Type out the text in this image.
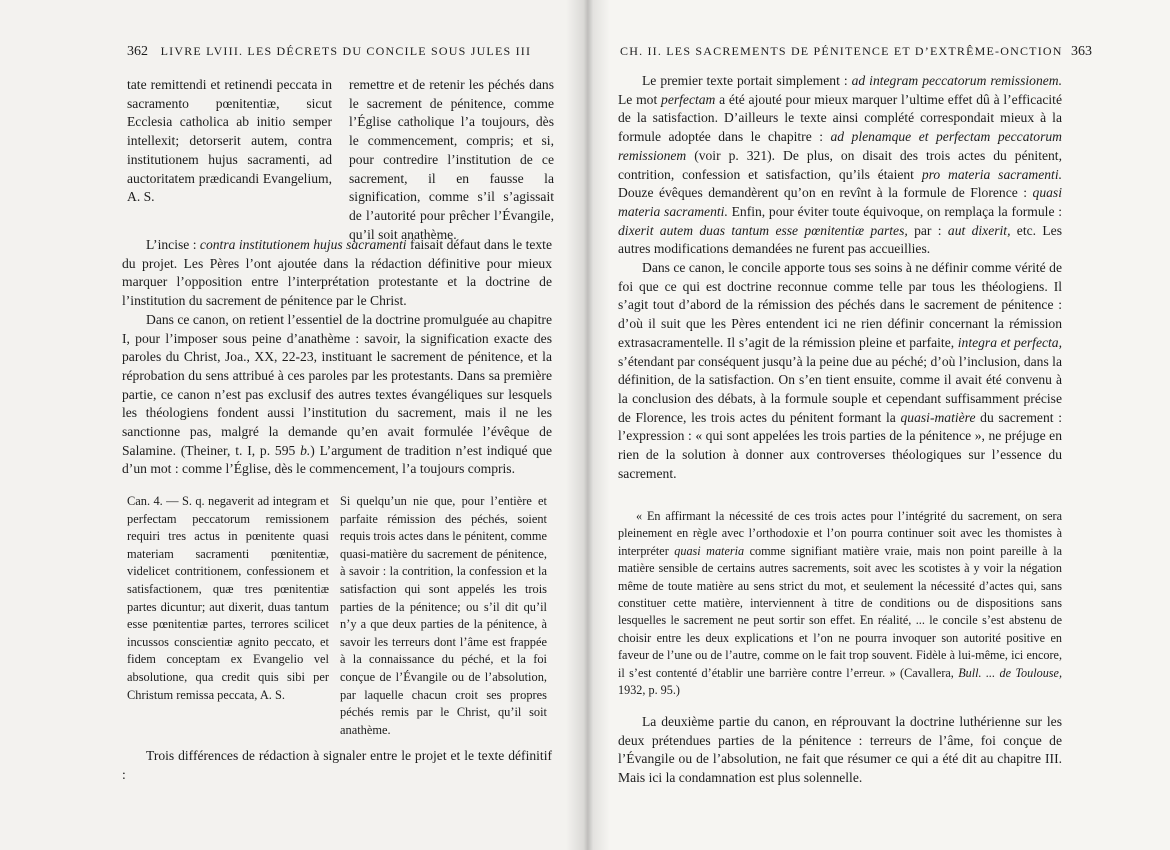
362 LIVRE LVIII. LES DÉCRETS DU CONCILE SOUS JULES III
tate remittendi et retinendi peccata in sacramento pœnitentiæ, sicut Ecclesia catholica ab initio semper intellexit; detorserit autem, contra institutionem hujus sacramenti, ad auctoritatem prædicandi Evangelium, A. S.
remettre et de retenir les péchés dans le sacrement de pénitence, comme l’Église catholique l’a toujours, dès le commencement, compris; et si, pour contredire l’institution de ce sacrement, il en fausse la signification, comme s’il s’agissait de l’autorité pour prêcher l’Évangile, qu’il soit anathème.

L’incise : contra institutionem hujus sacramenti faisait défaut dans le texte du projet. Les Pères l’ont ajoutée dans la rédaction définitive pour mieux marquer l’opposition entre l’interprétation protestante et la doctrine de l’institution du sacrement de pénitence par le Christ.

Dans ce canon, on retient l’essentiel de la doctrine promulguée au chapitre I, pour l’imposer sous peine d’anathème : savoir, la signification exacte des paroles du Christ, Joa., XX, 22-23, instituant le sacrement de pénitence, et la réprobation du sens attribué à ces paroles par les protestants. Dans sa première partie, ce canon n’est pas exclusif des autres textes évangéliques sur lesquels les théologiens fondent aussi l’institution du sacrement, mais il ne les sanctionne pas, malgré la demande qu’en avait formulée l’évêque de Salamine. (Theiner, t. I, p. 595 b.) L’argument de tradition n’est indiqué que d’un mot : comme l’Église, dès le commencement, l’a toujours compris.

Can. 4. — S. q. negaverit ad integram et perfectam peccatorum remissionem requiri tres actus in pœnitente quasi materiam sacramenti pœnitentiæ, videlicet contritionem, confessionem et satisfactionem, quæ tres pœnitentiæ partes dicuntur; aut dixerit, duas tantum esse pœnitentiæ partes, terrores scilicet incussos conscientiæ agnito peccato, et fidem conceptam ex Evangelio vel absolutione, qua credit quis sibi per Christum remissa peccata, A. S.
Si quelqu’un nie que, pour l’entière et parfaite rémission des péchés, soient requis trois actes dans le pénitent, comme quasi-matière du sacrement de pénitence, à savoir : la contrition, la confession et la satisfaction qui sont appelés les trois parties de la pénitence; ou s’il dit qu’il n’y a que deux parties de la pénitence, à savoir les terreurs dont l’âme est frappée à la connaissance du péché, et la foi conçue de l’Évangile ou de l’absolution, par laquelle chacun croit ses propres péchés remis par le Christ, qu’il soit anathème.

Trois différences de rédaction à signaler entre le projet et le texte définitif :

CH. II. LES SACREMENTS DE PÉNITENCE ET D’EXTRÊME-ONCTION 363

Le premier texte portait simplement : ad integram peccatorum remissionem. Le mot perfectam a été ajouté pour mieux marquer l’ultime effet dû à l’efficacité de la satisfaction. D’ailleurs le texte ainsi complété correspondait mieux à la formule adoptée dans le chapitre : ad plenamque et perfectam peccatorum remissionem (voir p. 321). De plus, on disait des trois actes du pénitent, contrition, confession et satisfaction, qu’ils étaient pro materia sacramenti. Douze évêques demandèrent qu’on en revînt à la formule de Florence : quasi materia sacramenti. Enfin, pour éviter toute équivoque, on remplaça la formule : dixerit autem duas tantum esse pœnitentiæ partes, par : aut dixerit, etc. Les autres modifications demandées ne furent pas accueillies.

Dans ce canon, le concile apporte tous ses soins à ne définir comme vérité de foi que ce qui est doctrine reconnue comme telle par tous les théologiens. Il s’agit tout d’abord de la rémission des péchés dans le sacrement de pénitence : d’où il suit que les Pères entendent ici ne rien définir concernant la rémission extrasacramentelle. Il s’agit de la rémission pleine et parfaite, integra et perfecta, s’étendant par conséquent jusqu’à la peine due au péché; d’où l’inclusion, dans la définition, de la satisfaction. On s’en tient ensuite, comme il avait été convenu à la conclusion des débats, à la formule souple et cependant suffisamment précise de Florence, les trois actes du pénitent formant la quasi-matière du sacrement : l’expression : « qui sont appelées les trois parties de la pénitence », ne préjuge en rien de la solution à donner aux controverses théologiques sur l’essence du sacrement.

« En affirmant la nécessité de ces trois actes pour l’intégrité du sacrement, on sera pleinement en règle avec l’orthodoxie et l’on pourra continuer soit avec les thomistes à interpréter quasi materia comme signifiant matière vraie, mais non point pareille à la matière sensible de certains autres sacrements, soit avec les scotistes à y voir la négation même de toute matière au sens strict du mot, et seulement la nécessité d’actes qui, sans constituer cette matière, interviennent à titre de conditions ou de dispositions sans lesquelles le sacrement ne peut sortir son effet. En réalité, ... le concile s’est abstenu de choisir entre les deux explications et l’on ne pourra invoquer son autorité positive en faveur de l’une ou de l’autre, comme on le fait trop souvent. Fidèle à lui-même, ici encore, il s’est contenté d’établir une barrière contre l’erreur. » (Cavallera, Bull. ... de Toulouse, 1932, p. 95.)

La deuxième partie du canon, en réprouvant la doctrine luthérienne sur les deux prétendues parties de la pénitence : terreurs de l’âme, foi conçue de l’Évangile ou de l’absolution, ne fait que résumer ce qui a été dit au chapitre III. Mais ici la condamnation est plus solennelle.
